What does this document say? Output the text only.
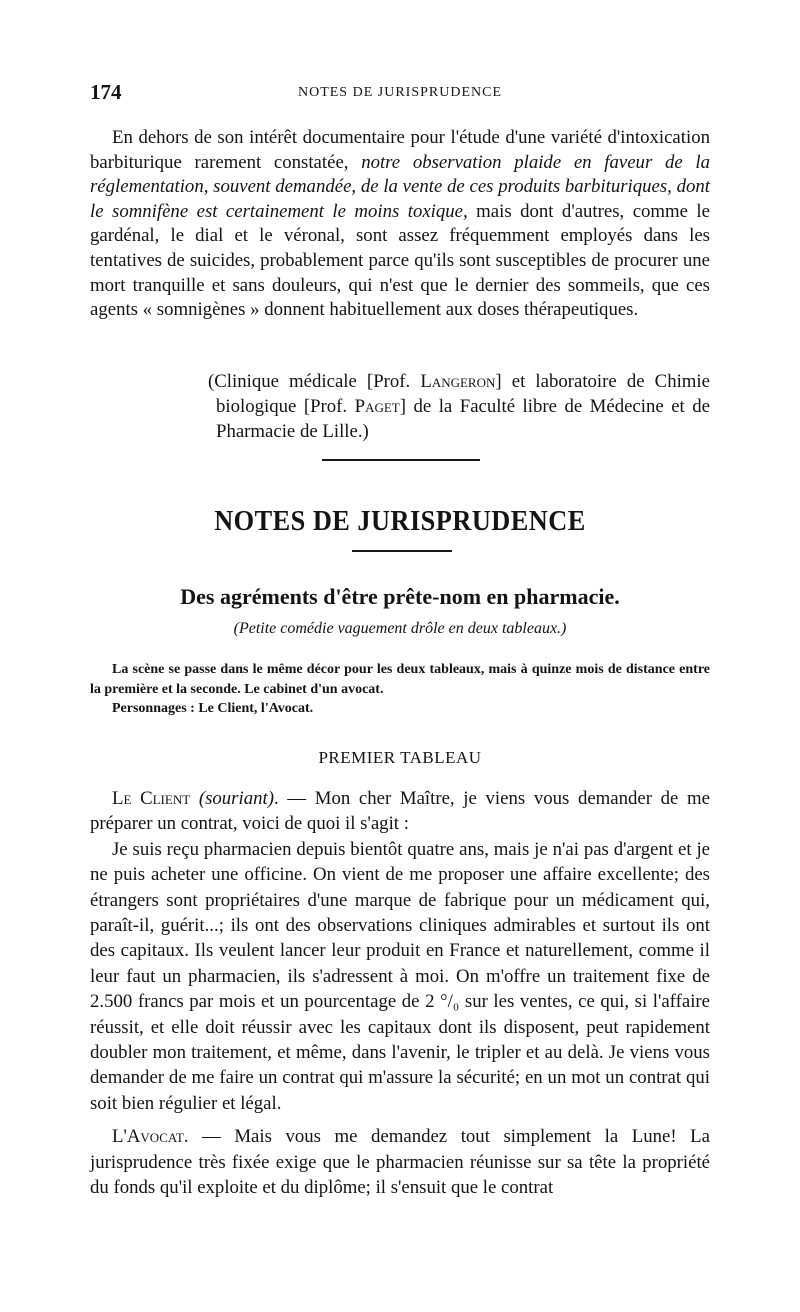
174	NOTES DE JURISPRUDENCE

En dehors de son intérêt documentaire pour l'étude d'une variété d'intoxication barbiturique rarement constatée, notre observation plaide en faveur de la réglementation, souvent demandée, de la vente de ces produits barbituriques, dont le somnifène est certainement le moins toxique, mais dont d'autres, comme le gardénal, le dial et le véronal, sont assez fréquemment employés dans les tentatives de suicides, probablement parce qu'ils sont susceptibles de procurer une mort tranquille et sans douleurs, qui n'est que le dernier des sommeils, que ces agents « somnigènes » donnent habituellement aux doses thérapeutiques.

(Clinique médicale [Prof. Langeron] et laboratoire de Chimie biologique [Prof. Paget] de la Faculté libre de Médecine et de Pharmacie de Lille.)
NOTES DE JURISPRUDENCE
Des agréments d'être prête-nom en pharmacie.
(Petite comédie vaguement drôle en deux tableaux.)

La scène se passe dans le même décor pour les deux tableaux, mais à quinze mois de distance entre la première et la seconde. Le cabinet d'un avocat.

Personnages : Le Client, l'Avocat.

PREMIER TABLEAU

Le Client (souriant). — Mon cher Maître, je viens vous demander de me préparer un contrat, voici de quoi il s'agit :

Je suis reçu pharmacien depuis bientôt quatre ans, mais je n'ai pas d'argent et je ne puis acheter une officine. On vient de me proposer une affaire excellente; des étrangers sont propriétaires d'une marque de fabrique pour un médicament qui, paraît-il, guérit...; ils ont des observations cliniques admirables et surtout ils ont des capitaux. Ils veulent lancer leur produit en France et naturellement, comme il leur faut un pharmacien, ils s'adressent à moi. On m'offre un traitement fixe de 2.500 francs par mois et un pourcentage de 2 °/₀ sur les ventes, ce qui, si l'affaire réussit, et elle doit réussir avec les capitaux dont ils disposent, peut rapidement doubler mon traitement, et même, dans l'avenir, le tripler et au delà. Je viens vous demander de me faire un contrat qui m'assure la sécurité; en un mot un contrat qui soit bien régulier et légal.

L'Avocat. — Mais vous me demandez tout simplement la Lune! La jurisprudence très fixée exige que le pharmacien réunisse sur sa tête la propriété du fonds qu'il exploite et du diplôme; il s'ensuit que le contrat
